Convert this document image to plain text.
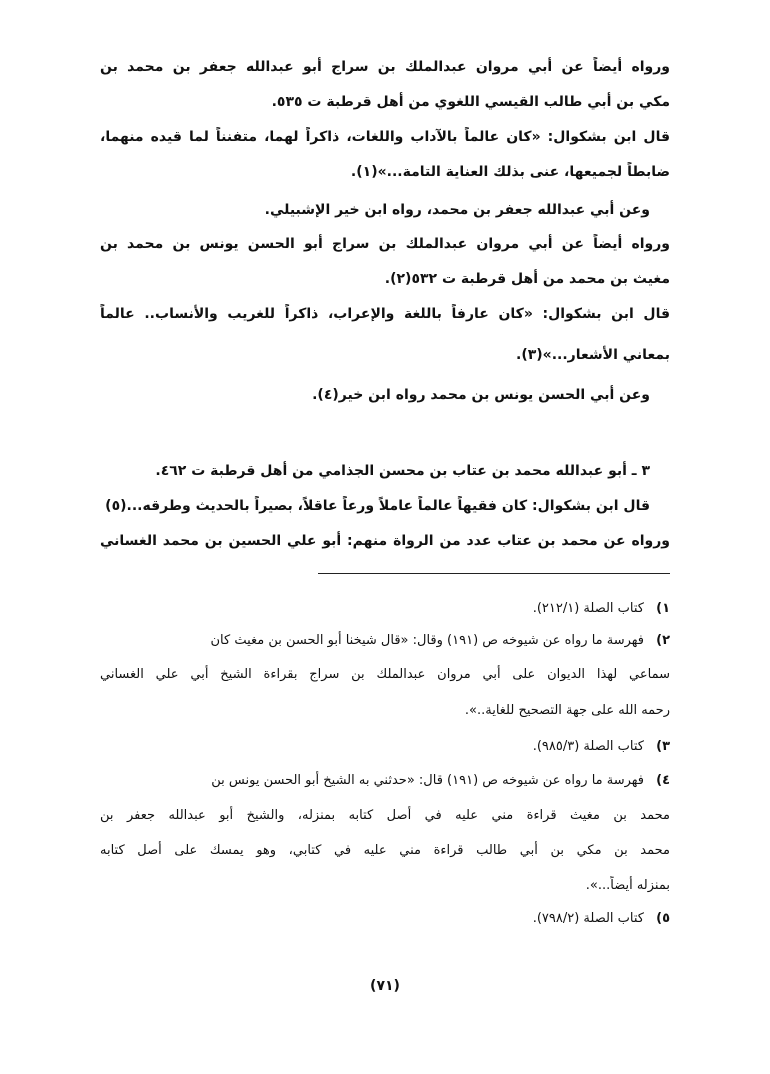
ورواه أيضاً عن أبي مروان عبدالملك بن سراج أبو عبدالله جعفر بن محمد بن
مكي بن أبي طالب القيسي اللغوي من أهل قرطبة ت ٥٣٥.
قال ابن بشكوال: «كان عالماً بالآداب واللغات، ذاكراً لهما، متفنناً لما قيده منهما،
ضابطاً لجميعها، عنى بذلك العناية التامة...»(١).
وعن أبي عبدالله جعفر بن محمد، رواه ابن خير الإشبيلي.
ورواه أيضاً عن أبي مروان عبدالملك بن سراج أبو الحسن يونس بن محمد بن
مغيث بن محمد من أهل قرطبة ت ٥٣٢(٢).
قال ابن بشكوال: «كان عارفاً باللغة والإعراب، ذاكراً للغريب والأنساب.. عالماً
بمعاني الأشعار...»(٣).
وعن أبي الحسن يونس بن محمد رواه ابن خير(٤).
٣ ـ أبو عبدالله محمد بن عتاب بن محسن الجذامي من أهل قرطبة ت ٤٦٢.
قال ابن بشكوال: كان فقيهاً عالماً عاملاً ورعاً عاقلاً، بصيراً بالحديث وطرقه...(٥)
ورواه عن محمد بن عتاب عدد من الرواة منهم: أبو علي الحسين بن محمد الغساني
١)كتاب الصلة (٢١٢/١).
٢)فهرسة ما رواه عن شيوخه ص (١٩١) وقال: «قال شيخنا أبو الحسن بن مغيث كان
سماعي لهذا الديوان على أبي مروان عبدالملك بن سراج بقراءة الشيخ أبي علي الغساني
رحمه الله على جهة التصحيح للغاية..».
٣)كتاب الصلة (٩٨٥/٣).
٤)فهرسة ما رواه عن شيوخه ص (١٩١) قال: «حدثني به الشيخ أبو الحسن يونس بن
محمد بن مغيث قراءة مني عليه في أصل كتابه بمنزله، والشيخ أبو عبدالله جعفر بن
محمد بن مكي بن أبي طالب قراءة مني عليه في كتابي، وهو يمسك على أصل كتابه
بمنزله أيضاً...».
٥)كتاب الصلة (٧٩٨/٢).
(٧١)
